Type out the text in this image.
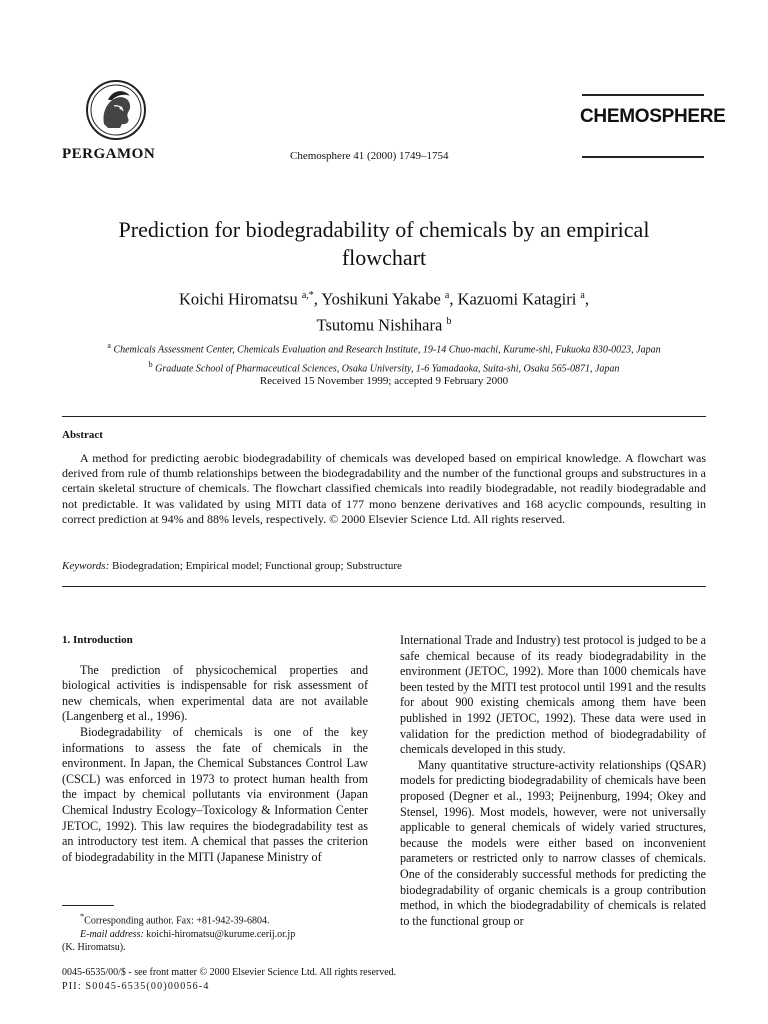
PERGAMON	Chemosphere 41 (2000) 1749–1754
CHEMOSPHERE
Prediction for biodegradability of chemicals by an empirical
flowchart
Koichi Hiromatsu $^{a,*}$, Yoshikuni Yakabe $^a$, Kazuomi Katagiri $^a$,
Tsutomu Nishihara $^b$
$^a$ Chemicals Assessment Center, Chemicals Evaluation and Research Institute, 19-14 Chuo-machi, Kurume-shi, Fukuoka 830-0023, Japan
$^b$ Graduate School of Pharmaceutical Sciences, Osaka University, 1-6 Yamadaoka, Suita-shi, Osaka 565-0871, Japan
Received 15 November 1999; accepted 9 February 2000
Abstract
A method for predicting aerobic biodegradability of chemicals was developed based on empirical knowledge. A flowchart was derived from rule of thumb relationships between the biodegradability and the number of the functional groups and substructures in a certain skeletal structure of chemicals. The flowchart classified chemicals into readily biodegradable, not readily biodegradable and not predictable. It was validated by using MITI data of 177 mono benzene derivatives and 168 acyclic compounds, resulting in correct prediction at 94% and 88% levels, respectively. © 2000 Elsevier Science Ltd. All rights reserved.
Keywords: Biodegradation; Empirical model; Functional group; Substructure

1. Introduction

The prediction of physicochemical properties and biological activities is indispensable for risk assessment of new chemicals, when experimental data are not available (Langenberg et al., 1996).

Biodegradability of chemicals is one of the key informations to assess the fate of chemicals in the environment. In Japan, the Chemical Substances Control Law (CSCL) was enforced in 1973 to protect human health from the impact by chemical pollutants via environment (Japan Chemical Industry Ecology–Toxicology & Information Center JETOC, 1992). This law requires the biodegradability test as an introductory test item. A chemical that passes the criterion of biodegradability in the MITI (Japanese Ministry of

International Trade and Industry) test protocol is judged to be a safe chemical because of its ready biodegradability in the environment (JETOC, 1992). More than 1000 chemicals have been tested by the MITI test protocol until 1991 and the results for about 900 existing chemicals among them have been published in 1992 (JETOC, 1992). These data were used in validation for the prediction method of biodegradability of chemicals developed in this study.

Many quantitative structure-activity relationships (QSAR) models for predicting biodegradability of chemicals have been proposed (Degner et al., 1993; Peijnenburg, 1994; Okey and Stensel, 1996). Most models, however, were not universally applicable to general chemicals of widely varied structures, because the models were either based on inconvenient parameters or restricted only to narrow classes of chemicals. One of the considerably successful methods for predicting the biodegradability of organic chemicals is a group contribution method, in which the biodegradability of chemicals is related to the functional group or

*Corresponding author. Fax: +81-942-39-6804.
E-mail address: koichi-hiromatsu@kurume.cerij.or.jp
(K. Hiromatsu).
0045-6535/00/$ - see front matter © 2000 Elsevier Science Ltd. All rights reserved.
PII: S0045-6535(00)00056-4
